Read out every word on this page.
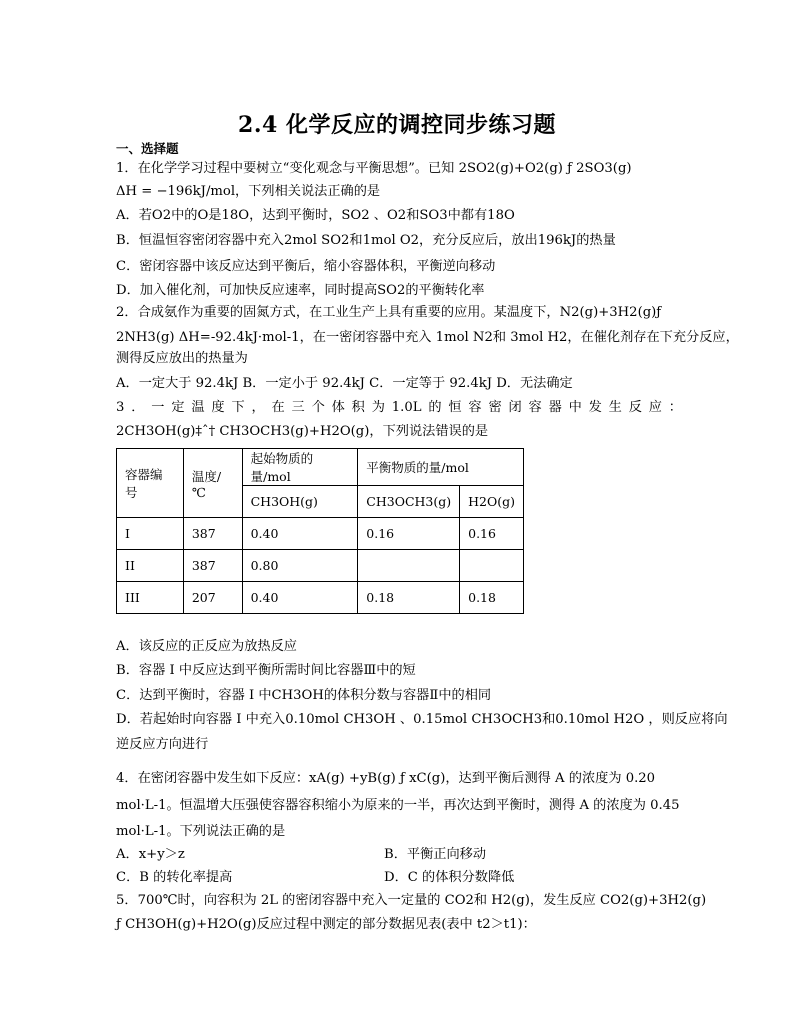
2.4 化学反应的调控同步练习题
一、选择题
1．在化学学习过程中要树立“变化观念与平衡思想”。已知 2SO2(g)+O2(g) ƒ 2SO3(g)
ΔH = −196kJ/mol，下列相关说法正确的是
A．若O2中的O是18O，达到平衡时，SO2 、O2和SO3中都有18O
B．恒温恒容密闭容器中充入2mol SO2和1mol O2，充分反应后，放出196kJ的热量
C．密闭容器中该反应达到平衡后，缩小容器体积，平衡逆向移动
D．加入催化剂，可加快反应速率，同时提高SO2的平衡转化率
2．合成氨作为重要的固氮方式，在工业生产上具有重要的应用。某温度下，N2(g)+3H2(g)ƒ
2NH3(g) ΔH=-92.4kJ·mol-1，在一密闭容器中充入 1mol N2和 3mol H2，在催化剂存在下充分反应，
测得反应放出的热量为
A．一定大于 92.4kJ B．一定小于 92.4kJ C．一定等于 92.4kJ D．无法确定
3．一定温度下，在三个体积为1.0L的恒容密闭容器中发生反应：
2CH3OH(g)‡ˆ† CH3OCH3(g)+H2O(g)，下列说法错误的是
容器编号	温度/℃	起始物质的量/mol	平衡物质的量/mol	
		CH3OH(g)	CH3OCH3(g)	H2O(g)
I	387	0.40	0.16	0.16
II	387	0.80		
III	207	0.40	0.18	0.18
A．该反应的正反应为放热反应
B．容器 I 中反应达到平衡所需时间比容器Ⅲ中的短
C．达到平衡时，容器 I 中CH3OH的体积分数与容器Ⅱ中的相同
D．若起始时向容器 I 中充入0.10mol CH3OH 、0.15mol CH3OCH3和0.10mol H2O ，则反应将向
逆反应方向进行
4．在密闭容器中发生如下反应：xA(g) +yB(g) ƒ xC(g)，达到平衡后测得 A 的浓度为 0.20
mol·L-1。恒温增大压强使容器容积缩小为原来的一半，再次达到平衡时，测得 A 的浓度为 0.45
mol·L-1。下列说法正确的是
A．x+y＞z	B．平衡正向移动
C．B 的转化率提高	D．C 的体积分数降低
5．700℃时，向容积为 2L 的密闭容器中充入一定量的 CO2和 H2(g)，发生反应 CO2(g)+3H2(g)
ƒ CH3OH(g)+H2O(g)反应过程中测定的部分数据见表(表中 t2＞t1)：
